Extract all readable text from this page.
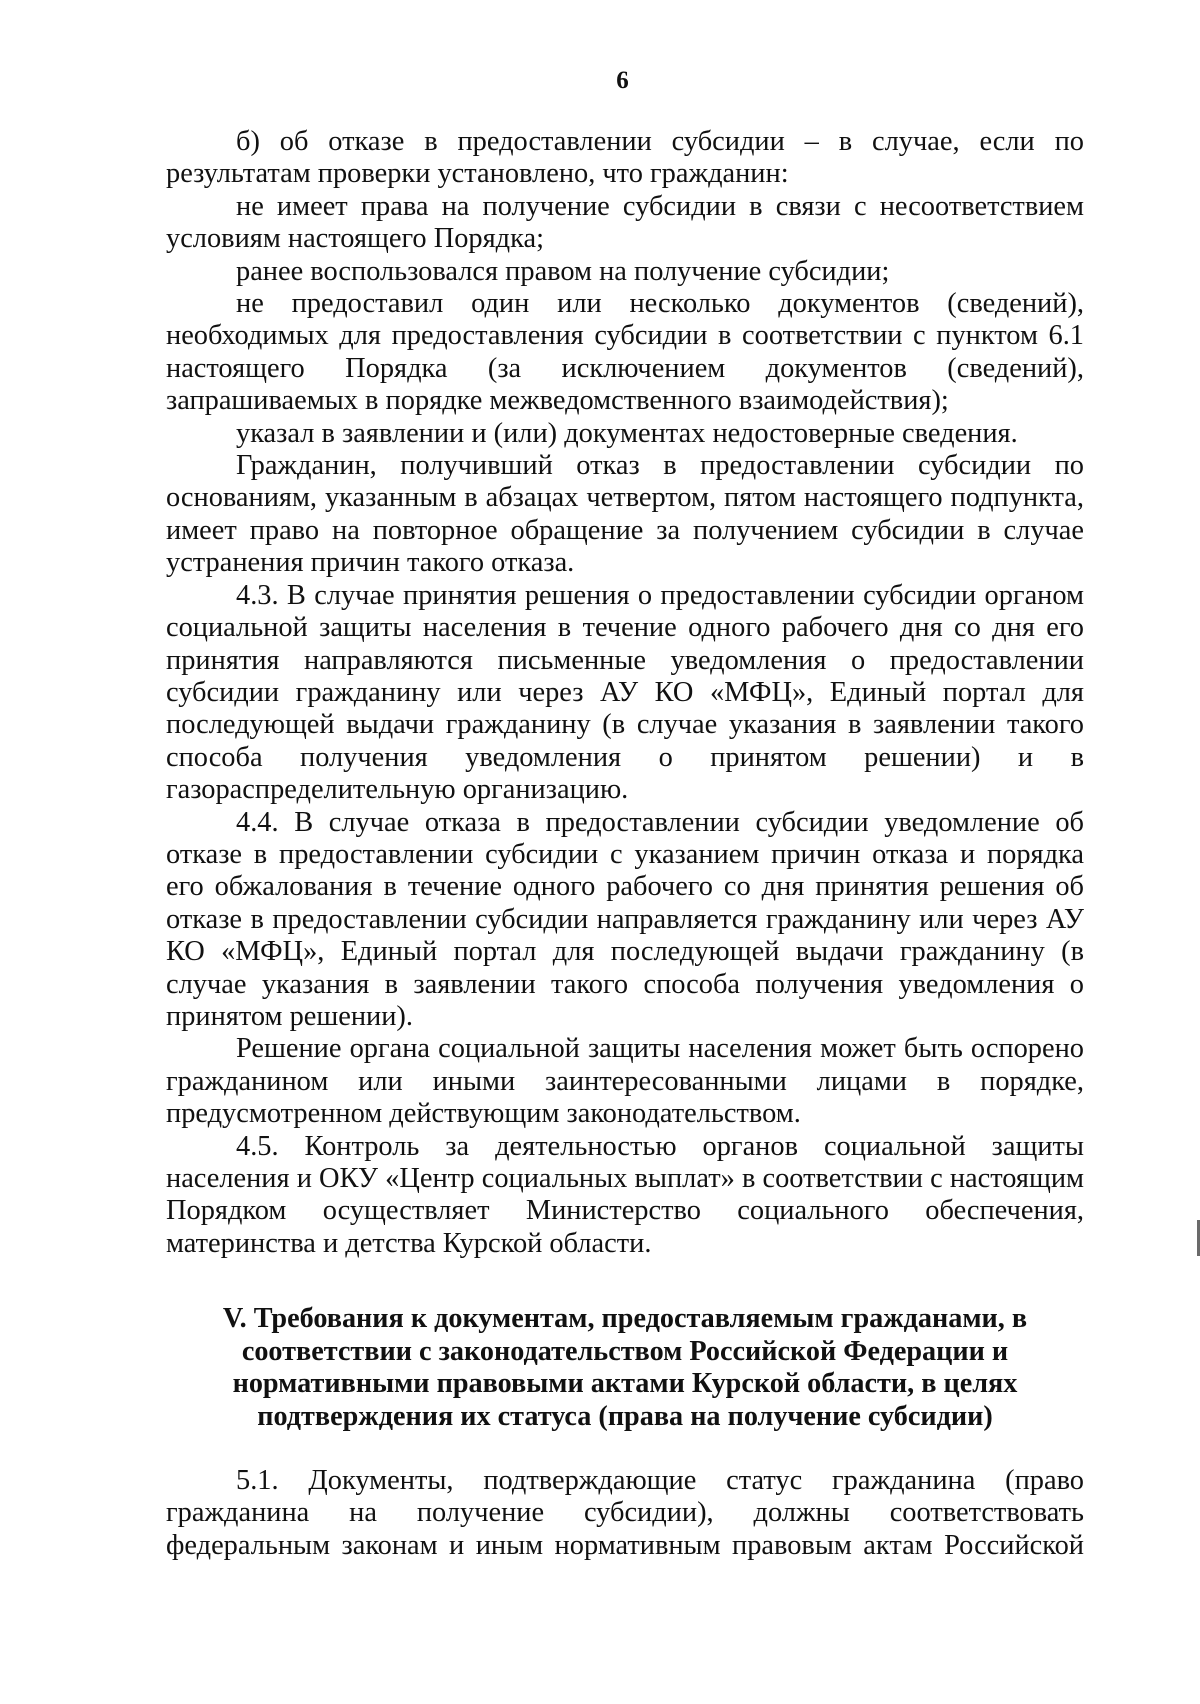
6

б) об отказе в предоставлении субсидии – в случае, если по результатам проверки установлено, что гражданин:

не имеет права на получение субсидии в связи с несоответствием условиям настоящего Порядка;

ранее воспользовался правом на получение субсидии;

не предоставил один или несколько документов (сведений), необходимых для предоставления субсидии в соответствии с пунктом 6.1 настоящего Порядка (за исключением документов (сведений), запрашиваемых в порядке межведомственного взаимодействия);

указал в заявлении и (или) документах недостоверные сведения.

Гражданин, получивший отказ в предоставлении субсидии по основаниям, указанным в абзацах четвертом, пятом настоящего подпункта, имеет право на повторное обращение за получением субсидии в случае устранения причин такого отказа.

4.3. В случае принятия решения о предоставлении субсидии органом социальной защиты населения в течение одного рабочего дня со дня его принятия направляются письменные уведомления о предоставлении субсидии гражданину или через АУ КО «МФЦ», Единый портал для последующей выдачи гражданину (в случае указания в заявлении такого способа получения уведомления о принятом решении) и в газораспределительную организацию.

4.4. В случае отказа в предоставлении субсидии уведомление об отказе в предоставлении субсидии с указанием причин отказа и порядка его обжалования в течение одного рабочего со дня принятия решения об отказе в предоставлении субсидии направляется гражданину или через АУ КО «МФЦ», Единый портал для последующей выдачи гражданину (в случае указания в заявлении такого способа получения уведомления о принятом решении).

Решение органа социальной защиты населения может быть оспорено гражданином или иными заинтересованными лицами в порядке, предусмотренном действующим законодательством.

4.5. Контроль за деятельностью органов социальной защиты населения и ОКУ «Центр социальных выплат» в соответствии с настоящим Порядком осуществляет Министерство социального обеспечения, материнства и детства Курской области.

V. Требования к документам, предоставляемым гражданами, в
соответствии с законодательством Российской Федерации и
нормативными правовыми актами Курской области, в целях
подтверждения их статуса (права на получение субсидии)

5.1. Документы, подтверждающие статус гражданина (право гражданина на получение субсидии), должны соответствовать федеральным законам и иным нормативным правовым актам Российской
